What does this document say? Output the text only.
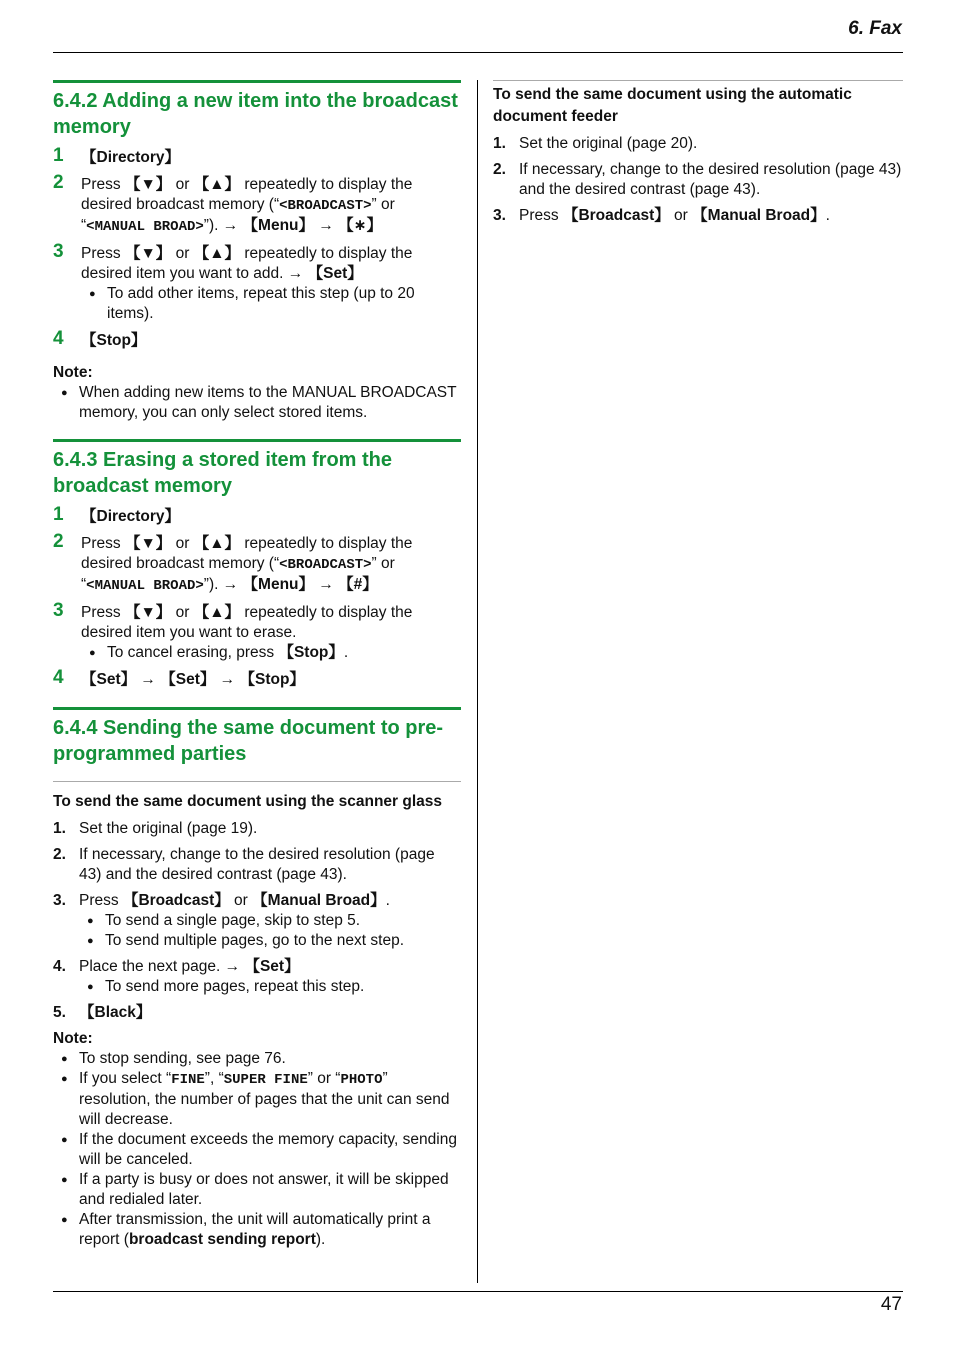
6. Fax
6.4.2 Adding a new item into the broadcast memory
1 【Directory】
2 Press 【▼】 or 【▲】 repeatedly to display the desired broadcast memory (“<BROADCAST>” or “<MANUAL BROAD>”). → 【Menu】 → 【∗】
3 Press 【▼】 or 【▲】 repeatedly to display the desired item you want to add. → 【Set】
● To add other items, repeat this step (up to 20 items).
4 【Stop】
Note:
● When adding new items to the MANUAL BROADCAST memory, you can only select stored items.
6.4.3 Erasing a stored item from the broadcast memory
1 【Directory】
2 Press 【▼】 or 【▲】 repeatedly to display the desired broadcast memory (“<BROADCAST>” or “<MANUAL BROAD>”). → 【Menu】 → 【#】
3 Press 【▼】 or 【▲】 repeatedly to display the desired item you want to erase.
● To cancel erasing, press 【Stop】.
4 【Set】 → 【Set】 → 【Stop】
6.4.4 Sending the same document to pre-programmed parties
To send the same document using the scanner glass
1. Set the original (page 19).
2. If necessary, change to the desired resolution (page 43) and the desired contrast (page 43).
3. Press 【Broadcast】 or 【Manual Broad】.
● To send a single page, skip to step 5.
● To send multiple pages, go to the next step.
4. Place the next page. → 【Set】
● To send more pages, repeat this step.
5. 【Black】
Note:
● To stop sending, see page 76.
● If you select “FINE”, “SUPER FINE” or “PHOTO” resolution, the number of pages that the unit can send will decrease.
● If the document exceeds the memory capacity, sending will be canceled.
● If a party is busy or does not answer, it will be skipped and redialed later.
● After transmission, the unit will automatically print a report (broadcast sending report).
To send the same document using the automatic document feeder
1. Set the original (page 20).
2. If necessary, change to the desired resolution (page 43) and the desired contrast (page 43).
3. Press 【Broadcast】 or 【Manual Broad】.
47
